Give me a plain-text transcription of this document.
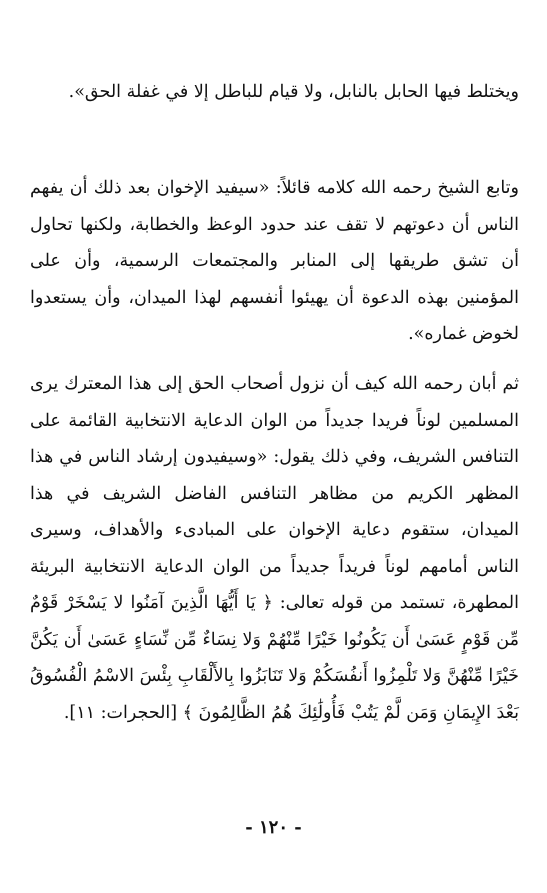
ويختلط فيها الحابل بالنابل، ولا قيام للباطل إلا في غفلة الحق».

وتابع الشيخ رحمه الله كلامه قائلاً: «سيفيد الإخوان بعد ذلك أن يفهم الناس أن دعوتهم لا تقف عند حدود الوعظ والخطابة، ولكنها تحاول أن تشق طريقها إلى المنابر والمجتمعات الرسمية، وأن على المؤمنين بهذه الدعوة أن يهيئوا أنفسهم لهذا الميدان، وأن يستعدوا لخوض غماره».

ثم أبان رحمه الله كيف أن نزول أصحاب الحق إلى هذا المعترك يرى المسلمين لوناً فريدا جديداً من الوان الدعاية الانتخابية القائمة على التنافس الشريف، وفي ذلك يقول: «وسيفيدون إرشاد الناس في هذا المظهر الكريم من مظاهر التنافس الفاضل الشريف في هذا الميدان، ستقوم دعاية الإخوان على المبادىء والأهداف، وسيرى الناس أمامهم لوناً فريداً جديداً من الوان الدعاية الانتخابية البريئة المطهرة، تستمد من قوله تعالى: ﴿ يَا أَيُّهَا الَّذِينَ آمَنُوا لا يَسْخَرْ قَوْمٌ مِّن قَوْمٍ عَسَىٰ أَن يَكُونُوا خَيْرًا مِّنْهُمْ وَلا نِسَاءٌ مِّن نِّسَاءٍ عَسَىٰ أَن يَكُنَّ خَيْرًا مِّنْهُنَّ وَلا تَلْمِزُوا أَنفُسَكُمْ وَلا تَنَابَزُوا بِالأَلْقَابِ بِئْسَ الاسْمُ الْفُسُوقُ بَعْدَ الإِيمَانِ وَمَن لَّمْ يَتُبْ فَأُولَٰئِكَ هُمُ الظَّالِمُونَ ﴾ [الحجرات: ١١].

- ١٢٠ -
